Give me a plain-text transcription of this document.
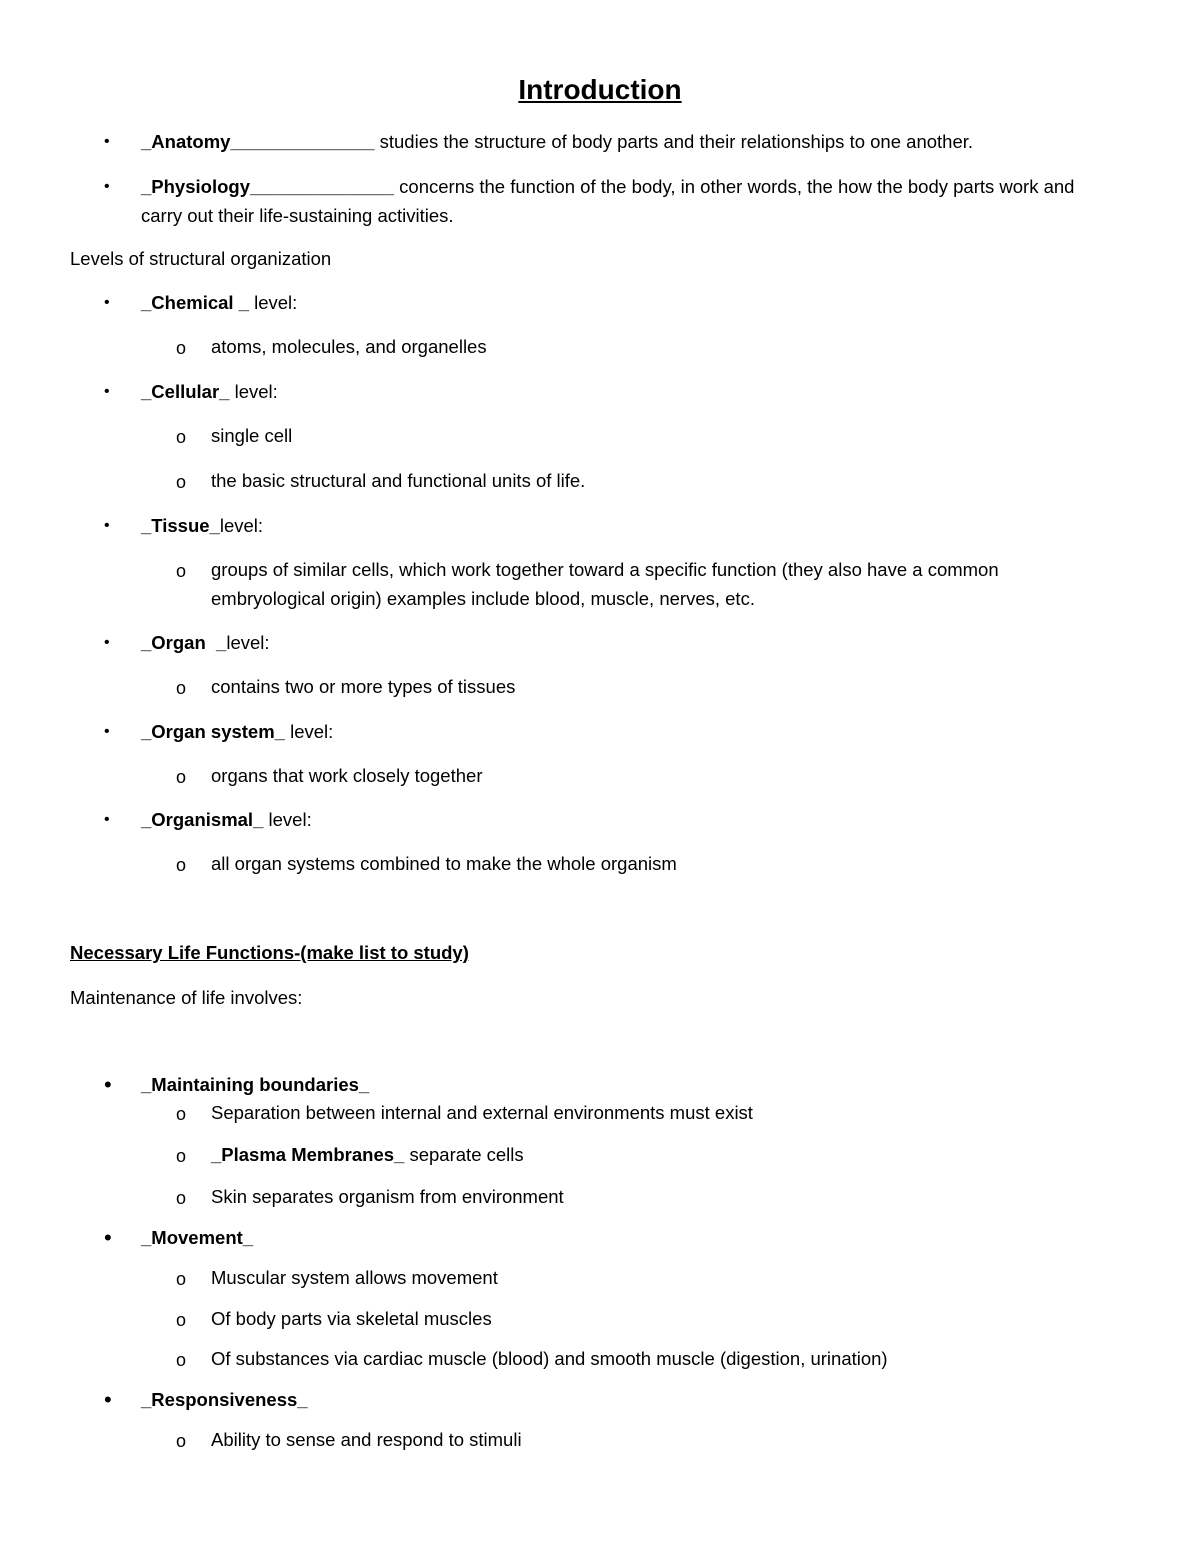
Introduction
• _Anatomy______________ studies the structure of body parts and their relationships to one another.
• _Physiology______________ concerns the function of the body, in other words, the how the body parts work and
carry out their life-sustaining activities.
Levels of structural organization
• _Chemical _ level:
o atoms, molecules, and organelles
• _Cellular_ level:
o single cell
o the basic structural and functional units of life.
• _Tissue_level:
o groups of similar cells, which work together toward a specific function (they also have a common
embryological origin) examples include blood, muscle, nerves, etc.
• _Organ  _level:
o contains two or more types of tissues
• _Organ system_ level:
o organs that work closely together
• _Organismal_ level:
o all organ systems combined to make the whole organism
Necessary Life Functions-(make list to study)
Maintenance of life involves:
• _Maintaining boundaries_
o Separation between internal and external environments must exist
o _Plasma Membranes_ separate cells
o Skin separates organism from environment
• _Movement_
o Muscular system allows movement
o Of body parts via skeletal muscles
o Of substances via cardiac muscle (blood) and smooth muscle (digestion, urination)
• _Responsiveness_
o Ability to sense and respond to stimuli
